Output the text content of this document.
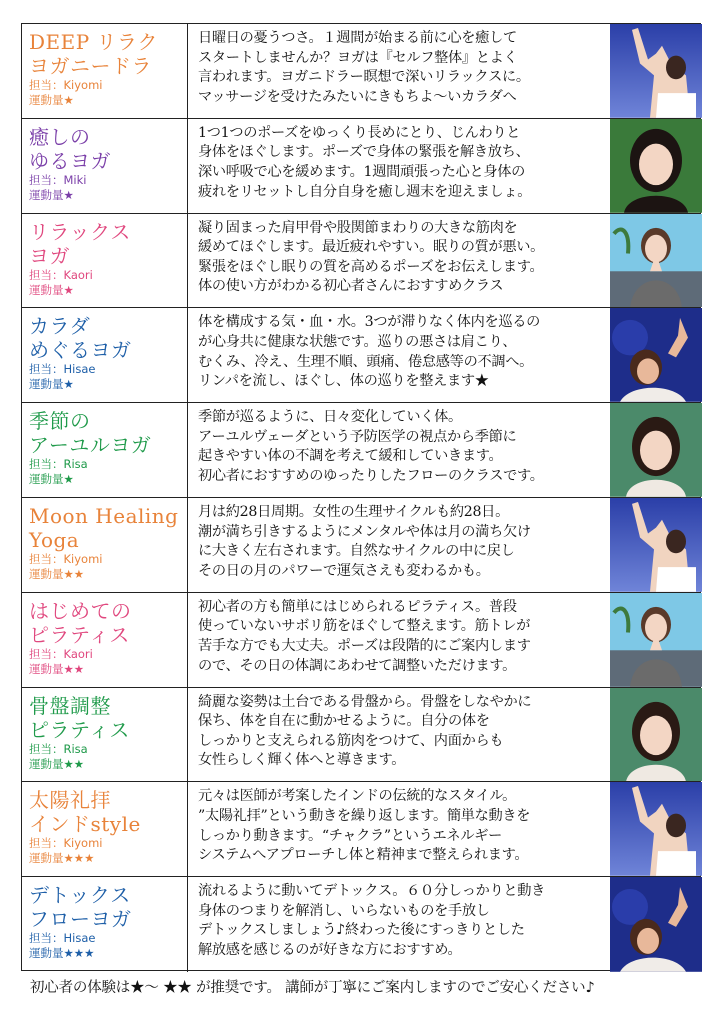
DEEP リラク
ヨガニードラ
担当：Kiyomi
運動量★
日曜日の憂うつさ。１週間が始まる前に心を癒して
スタートしませんか？ヨガは『セルフ整体』とよく
言われます。ヨガニドラー瞑想で深いリラックスに。
マッサージを受けたみたいにきもちよ〜いカラダへ
癒しの
ゆるヨガ
担当：Miki
運動量★
1つ1つのポーズをゆっくり長めにとり、じんわりと
身体をほぐします。ポーズで身体の緊張を解き放ち、
深い呼吸で心を緩めます。1週間頑張った心と身体の
疲れをリセットし自分自身を癒し週末を迎えましょ。
リラックス
ヨガ
担当：Kaori
運動量★
凝り固まった肩甲骨や股関節まわりの大きな筋肉を
緩めてほぐします。最近疲れやすい。眠りの質が悪い。
緊張をほぐし眠りの質を高めるポーズをお伝えします。
体の使い方がわかる初心者さんにおすすめクラス
カラダ
めぐるヨガ
担当：Hisae
運動量★
体を構成する気・血・水。3つが滞りなく体内を巡るの
が心身共に健康な状態です。巡りの悪さは肩こり、
むくみ、冷え、生理不順、頭痛、倦怠感等の不調へ。
リンパを流し、ほぐし、体の巡りを整えます★
季節の
アーユルヨガ
担当：Risa
運動量★
季節が巡るように、日々変化していく体。
アーユルヴェーダという予防医学の視点から季節に
起きやすい体の不調を考えて緩和していきます。
初心者におすすめのゆったりしたフローのクラスです。
Moon Healing
Yoga
担当：Kiyomi
運動量★★
月は約28日周期。女性の生理サイクルも約28日。
潮が満ち引きするようにメンタルや体は月の満ち欠け
に大きく左右されます。自然なサイクルの中に戻し
その日の月のパワーで運気さえも変わるかも。
はじめての
ピラティス
担当：Kaori
運動量★★
初心者の方も簡単にはじめられるピラティス。普段
使っていないサボリ筋をほぐして整えます。筋トレが
苦手な方でも大丈夫。ポーズは段階的にご案内します
ので、その日の体調にあわせて調整いただけます。
骨盤調整
ピラティス
担当：Risa
運動量★★
綺麗な姿勢は土台である骨盤から。骨盤をしなやかに
保ち、体を自在に動かせるように。自分の体を
しっかりと支えられる筋肉をつけて、内面からも
女性らしく輝く体へと導きます。
太陽礼拝
インドstyle
担当：Kiyomi
運動量★★★
元々は医師が考案したインドの伝統的なスタイル。
”太陽礼拝”という動きを繰り返します。簡単な動きを
しっかり動きます。“チャクラ”というエネルギー
システムへアプローチし体と精神まで整えられます。
デトックス
フローヨガ
担当：Hisae
運動量★★★
流れるように動いてデトックス。６０分しっかりと動き
身体のつまりを解消し、いらないものを手放し
デトックスしましょう♪終わった後にすっきりとした
解放感を感じるのが好きな方におすすめ。
初心者の体験は★〜 ★★ が推奨です。 講師が丁寧にご案内しますのでご安心ください♪
